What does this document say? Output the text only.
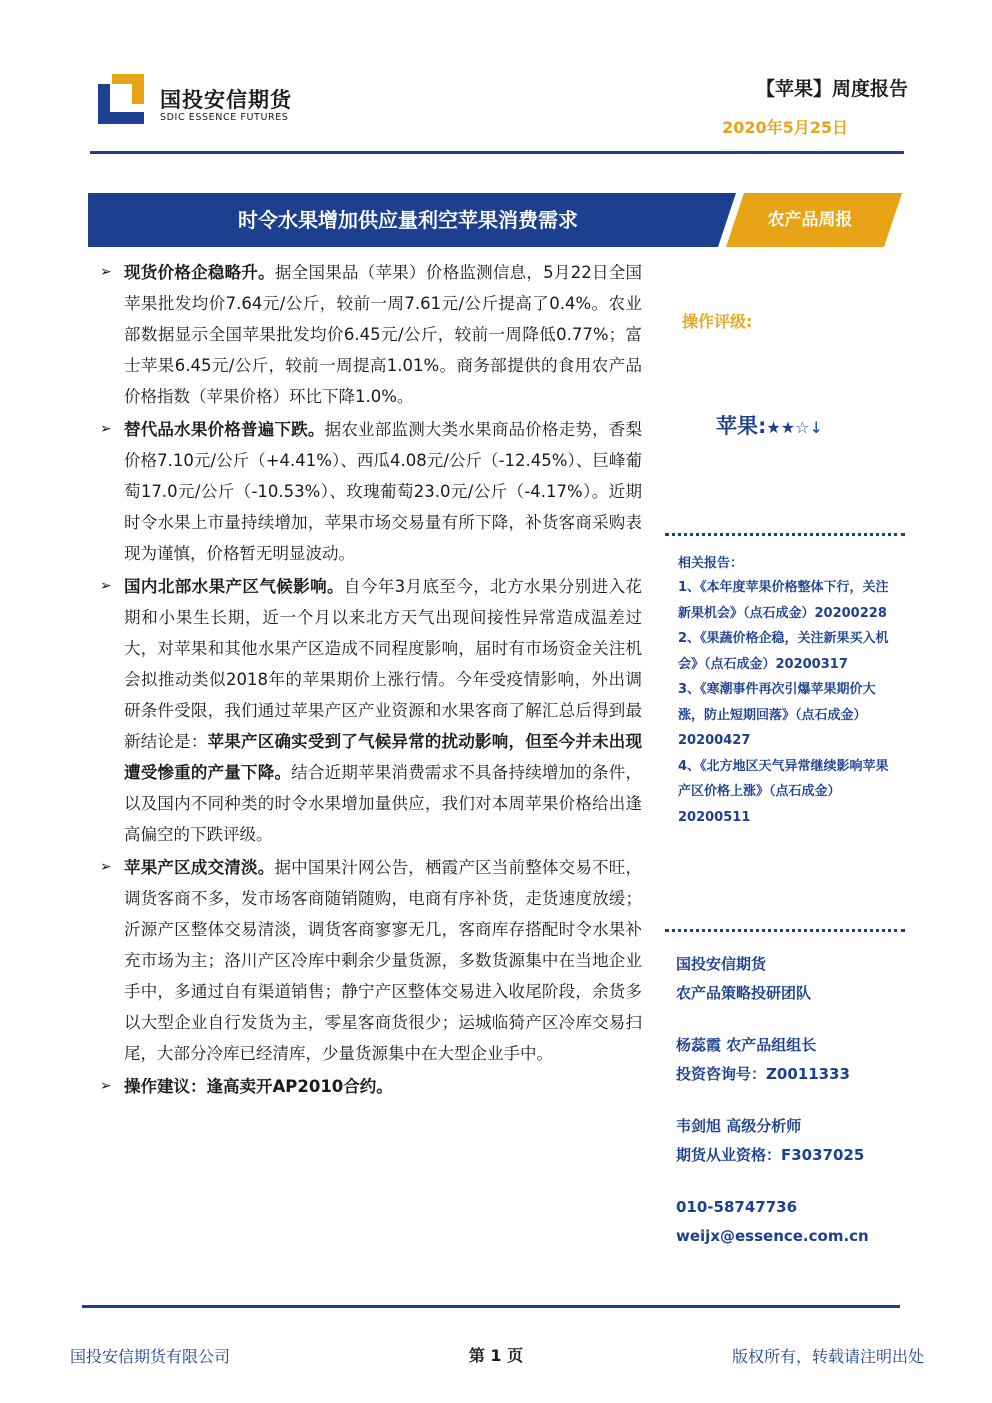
国投安信期货
SDIC ESSENCE FUTURES
【苹果】周度报告
2020年5月25日
时令水果增加供应量利空苹果消费需求	农产品周报
➢ 现货价格企稳略升。据全国果品（苹果）价格监测信息，5月22日全国苹果批发均价7.64元/公斤，较前一周7.61元/公斤提高了0.4%。农业部数据显示全国苹果批发均价6.45元/公斤，较前一周降低0.77%；富士苹果6.45元/公斤，较前一周提高1.01%。商务部提供的食用农产品价格指数（苹果价格）环比下降1.0%。
➢ 替代品水果价格普遍下跌。据农业部监测大类水果商品价格走势，香梨价格7.10元/公斤（+4.41%）、西瓜4.08元/公斤（-12.45%）、巨峰葡萄17.0元/公斤（-10.53%）、玫瑰葡萄23.0元/公斤（-4.17%）。近期时令水果上市量持续增加，苹果市场交易量有所下降，补货客商采购表现为谨慎，价格暂无明显波动。
➢ 国内北部水果产区气候影响。自今年3月底至今，北方水果分别进入花期和小果生长期，近一个月以来北方天气出现间接性异常造成温差过大，对苹果和其他水果产区造成不同程度影响，届时有市场资金关注机会拟推动类似2018年的苹果期价上涨行情。今年受疫情影响，外出调研条件受限，我们通过苹果产区产业资源和水果客商了解汇总后得到最新结论是：苹果产区确实受到了气候异常的扰动影响，但至今并未出现遭受惨重的产量下降。结合近期苹果消费需求不具备持续增加的条件，以及国内不同种类的时令水果增加量供应，我们对本周苹果价格给出逢高偏空的下跌评级。
➢ 苹果产区成交清淡。据中国果汁网公告，栖霞产区当前整体交易不旺，调货客商不多，发市场客商随销随购，电商有序补货，走货速度放缓；沂源产区整体交易清淡，调货客商寥寥无几，客商库存搭配时令水果补充市场为主；洛川产区冷库中剩余少量货源，多数货源集中在当地企业手中，多通过自有渠道销售；静宁产区整体交易进入收尾阶段，余货多以大型企业自行发货为主，零星客商货很少；运城临猗产区冷库交易扫尾，大部分冷库已经清库，少量货源集中在大型企业手中。
➢ 操作建议：逢高卖开AP2010合约。
操作评级:
苹果:★★☆↓
相关报告：
1、《本年度苹果价格整体下行，关注新果机会》（点石成金）20200228
2、《果蔬价格企稳，关注新果买入机会》（点石成金）20200317
3、《寒潮事件再次引爆苹果期价大涨，防止短期回落》（点石成金）20200427
4、《北方地区天气异常继续影响苹果产区价格上涨》（点石成金）20200511
国投安信期货
农产品策略投研团队
杨蕊霞 农产品组组长
投资咨询号：Z0011333
韦剑旭 高级分析师
期货从业资格：F3037025
010-58747736
weijx@essence.com.cn
国投安信期货有限公司	第 1 页	版权所有，转载请注明出处
